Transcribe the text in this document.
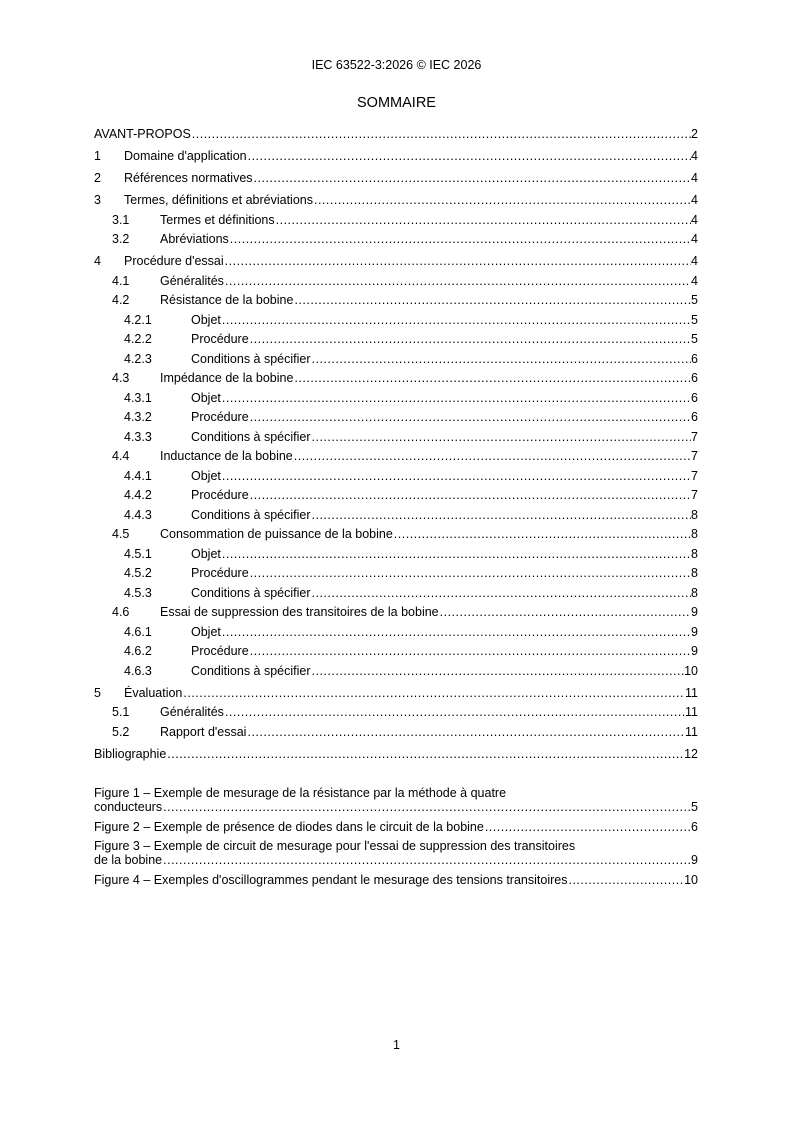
IEC 63522-3:2026 © IEC 2026
SOMMAIRE
AVANT-PROPOS .....	2
1 Domaine d'application .....	4
2 Références normatives .....	4
3 Termes, définitions et abréviations .....	4
3.1 Termes et définitions .....	4
3.2 Abréviations .....	4
4 Procédure d'essai .....	4
4.1 Généralités .....	4
4.2 Résistance de la bobine .....	5
4.2.1	Objet .....	5
4.2.2	Procédure .....	5
4.2.3	Conditions à spécifier .....	6
4.3 Impédance de la bobine .....	6
4.3.1	Objet .....	6
4.3.2	Procédure .....	6
4.3.3	Conditions à spécifier .....	7
4.4 Inductance de la bobine .....	7
4.4.1	Objet .....	7
4.4.2	Procédure .....	7
4.4.3	Conditions à spécifier .....	8
4.5 Consommation de puissance de la bobine .....	8
4.5.1	Objet .....	8
4.5.2	Procédure .....	8
4.5.3	Conditions à spécifier .....	8
4.6 Essai de suppression des transitoires de la bobine .....	9
4.6.1	Objet .....	9
4.6.2	Procédure .....	9
4.6.3	Conditions à spécifier .....	10
5 Évaluation .....	11
5.1 Généralités .....	11
5.2 Rapport d'essai .....	11
Bibliographie .....	12
Figure 1 – Exemple de mesurage de la résistance par la méthode à quatre
conducteurs .....	5
Figure 2 – Exemple de présence de diodes dans le circuit de la bobine .....	6
Figure 3 – Exemple de circuit de mesurage pour l'essai de suppression des transitoires
de la bobine .....	9
Figure 4 – Exemples d'oscillogrammes pendant le mesurage des tensions transitoires .....	10
1
